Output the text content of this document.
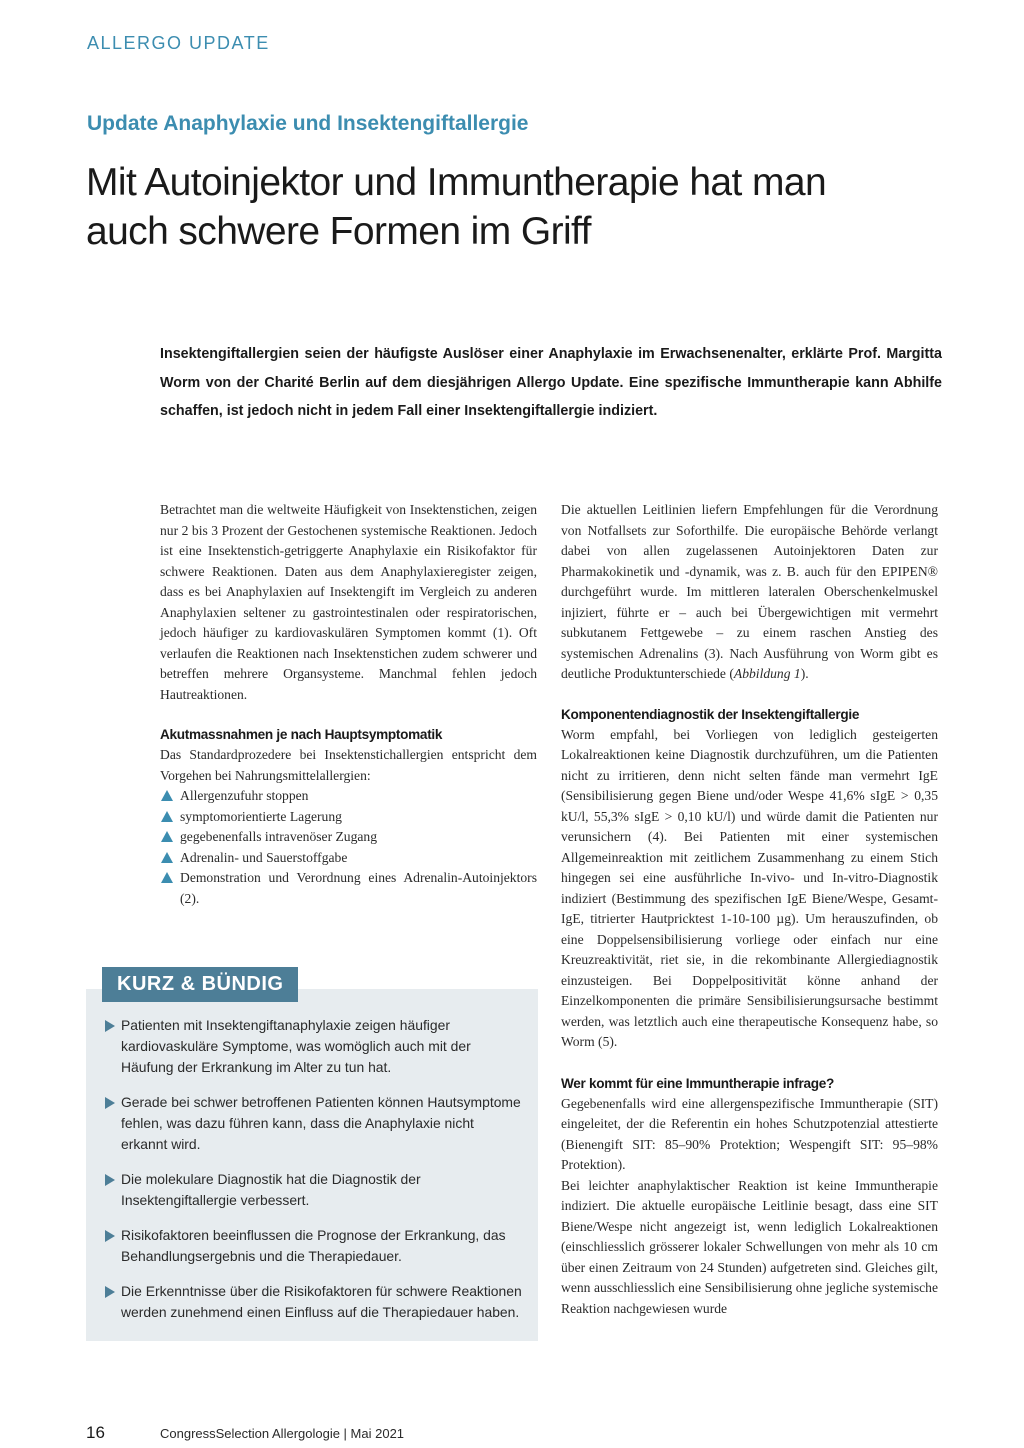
ALLERGO UPDATE
Update Anaphylaxie und Insektengiftallergie
Mit Autoinjektor und Immuntherapie hat man
auch schwere Formen im Griff

Insektengiftallergien seien der häufigste Auslöser einer Anaphylaxie im Erwachsenenalter, erklärte Prof. Margitta Worm von der Charité Berlin auf dem diesjährigen Allergo Update. Eine spezifische Immuntherapie kann Abhilfe schaffen, ist jedoch nicht in jedem Fall einer Insektengiftallergie indiziert.

Betrachtet man die weltweite Häufigkeit von Insektenstichen, zeigen nur 2 bis 3 Prozent der Gestochenen systemische Reaktionen. Jedoch ist eine Insektenstich-getriggerte Anaphylaxie ein Risikofaktor für schwere Reaktionen. Daten aus dem Anaphylaxieregister zeigen, dass es bei Anaphylaxien auf Insektengift im Vergleich zu anderen Anaphylaxien seltener zu gastrointestinalen oder respiratorischen, jedoch häufiger zu kardiovaskulären Symptomen kommt (1). Oft verlaufen die Reaktionen nach Insektenstichen zudem schwerer und betreffen mehrere Organsysteme. Manchmal fehlen jedoch Hautreaktionen.

Akutmassnahmen je nach Hauptsymptomatik

Das Standardprozedere bei Insektenstichallergien entspricht dem Vorgehen bei Nahrungsmittelallergien:

Allergenzufuhr stoppen
symptomorientierte Lagerung
gegebenenfalls intravenöser Zugang
Adrenalin- und Sauerstoffgabe
Demonstration und Verordnung eines Adrenalin-Autoinjektors (2).
KURZ & BÜNDIG
Patienten mit Insektengiftanaphylaxie zeigen häufiger kardiovaskuläre Symptome, was womöglich auch mit der Häufung der Erkrankung im Alter zu tun hat.
Gerade bei schwer betroffenen Patienten können Hautsymptome fehlen, was dazu führen kann, dass die Anaphylaxie nicht erkannt wird.
Die molekulare Diagnostik hat die Diagnostik der Insektengiftallergie verbessert.
Risikofaktoren beeinflussen die Prognose der Erkrankung, das Behandlungsergebnis und die Therapiedauer.
Die Erkenntnisse über die Risikofaktoren für schwere Reaktionen werden zunehmend einen Einfluss auf die Therapiedauer haben.

Die aktuellen Leitlinien liefern Empfehlungen für die Verordnung von Notfallsets zur Soforthilfe. Die europäische Behörde verlangt dabei von allen zugelassenen Autoinjektoren Daten zur Pharmakokinetik und -dynamik, was z. B. auch für den EPIPEN® durchgeführt wurde. Im mittleren lateralen Oberschenkelmuskel injiziert, führte er – auch bei Übergewichtigen mit vermehrt subkutanem Fettgewebe – zu einem raschen Anstieg des systemischen Adrenalins (3). Nach Ausführung von Worm gibt es deutliche Produktunterschiede (Abbildung 1).

Komponentendiagnostik der Insektengiftallergie

Worm empfahl, bei Vorliegen von lediglich gesteigerten Lokalreaktionen keine Diagnostik durchzuführen, um die Patienten nicht zu irritieren, denn nicht selten fände man vermehrt IgE (Sensibilisierung gegen Biene und/oder Wespe 41,6% sIgE > 0,35 kU/l, 55,3% sIgE > 0,10 kU/l) und würde damit die Patienten nur verunsichern (4). Bei Patienten mit einer systemischen Allgemeinreaktion mit zeitlichem Zusammenhang zu einem Stich hingegen sei eine ausführliche In-vivo- und In-vitro-Diagnostik indiziert (Bestimmung des spezifischen IgE Biene/Wespe, Gesamt-IgE, titrierter Hautpricktest 1-10-100 µg). Um herauszufinden, ob eine Doppelsensibilisierung vorliege oder einfach nur eine Kreuzreaktivität, riet sie, in die rekombinante Allergiediagnostik einzusteigen. Bei Doppelpositivität könne anhand der Einzelkomponenten die primäre Sensibilisierungsursache bestimmt werden, was letztlich auch eine therapeutische Konsequenz habe, so Worm (5).

Wer kommt für eine Immuntherapie infrage?

Gegebenenfalls wird eine allergenspezifische Immuntherapie (SIT) eingeleitet, der die Referentin ein hohes Schutzpotenzial attestierte (Bienengift SIT: 85–90% Protektion; Wespengift SIT: 95–98% Protektion).

Bei leichter anaphylaktischer Reaktion ist keine Immuntherapie indiziert. Die aktuelle europäische Leitlinie besagt, dass eine SIT Biene/Wespe nicht angezeigt ist, wenn lediglich Lokalreaktionen (einschliesslich grösserer lokaler Schwellungen von mehr als 10 cm über einen Zeitraum von 24 Stunden) aufgetreten sind. Gleiches gilt, wenn ausschliesslich eine Sensibilisierung ohne jegliche systemische Reaktion nachgewiesen wurde

16	CongressSelection Allergologie | Mai 2021
